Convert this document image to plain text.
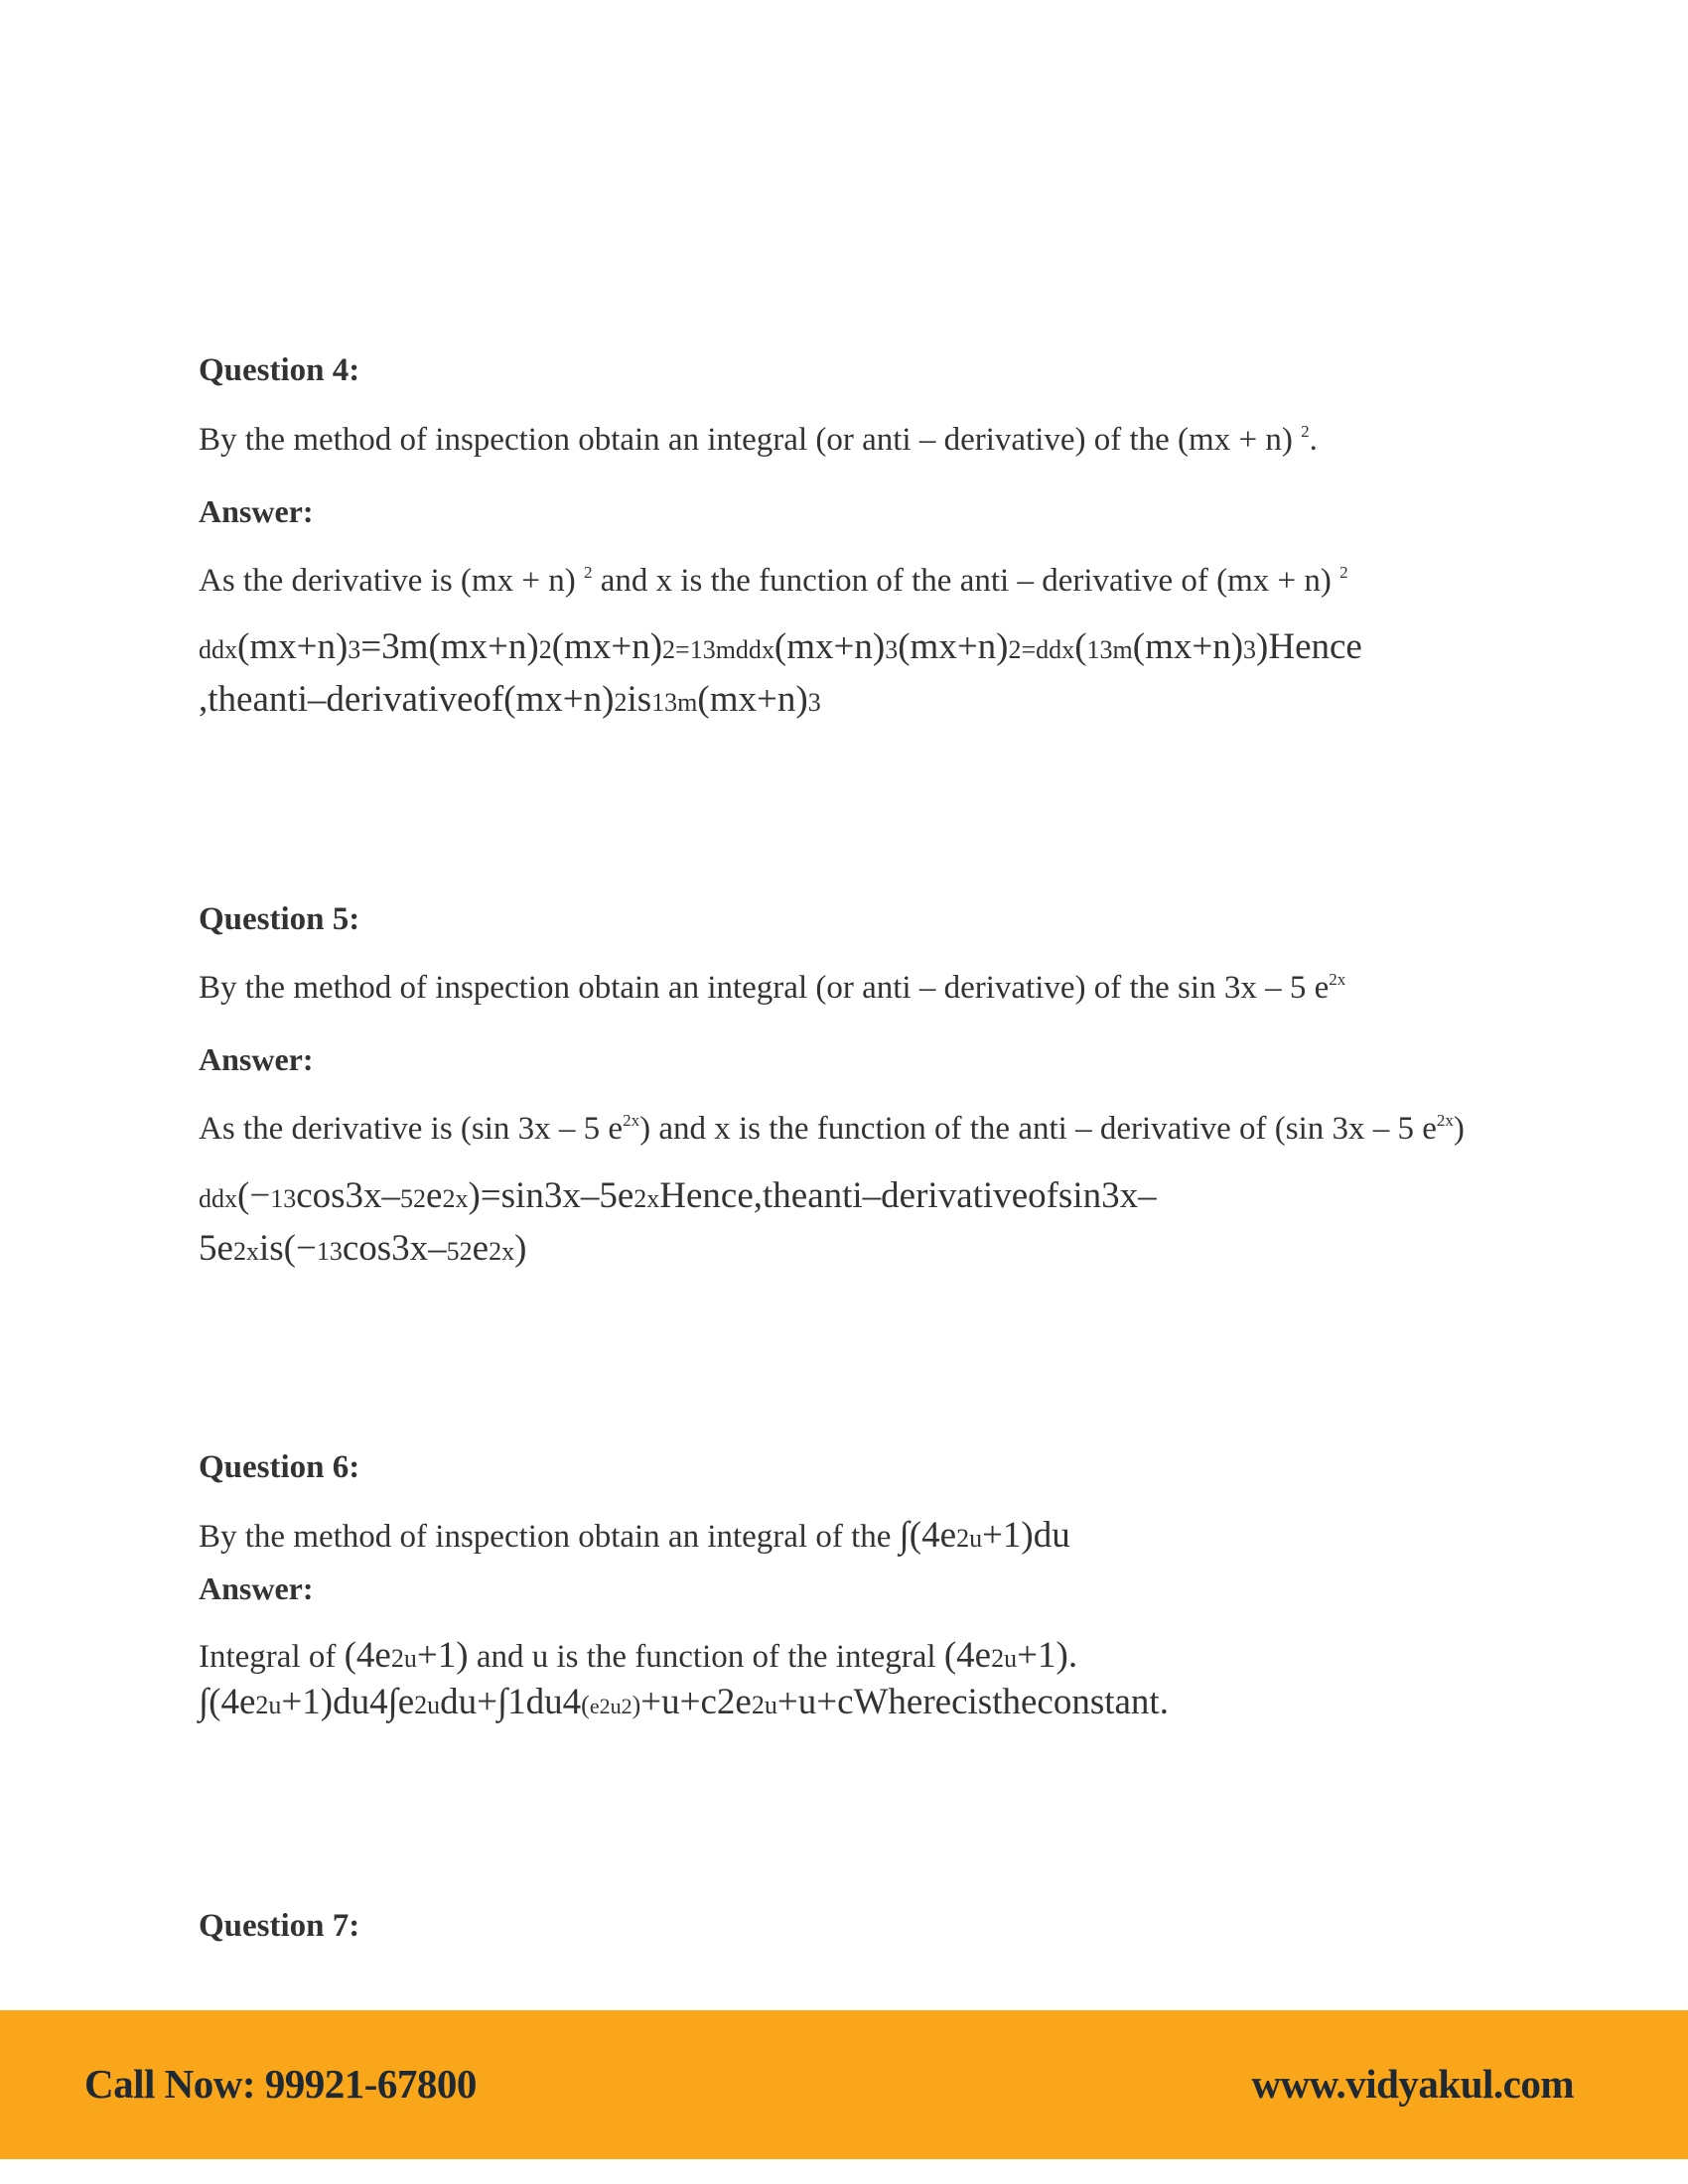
Question 4:
By the method of inspection obtain an integral (or anti – derivative) of the (mx + n) $^2$.
Answer:
As the derivative is (mx + n) $^2$ and x is the function of the anti – derivative of (mx + n) $^2$
ddx(mx+n)3=3m(mx+n)2(mx+n)2=13mddx(mx+n)3(mx+n)2=ddx(13m(mx+n)3)Hence
,theanti–derivativeof(mx+n)2is13m(mx+n)3
Question 5:
By the method of inspection obtain an integral (or anti – derivative) of the sin 3x – 5 $e^{2x}$
Answer:
As the derivative is (sin 3x – 5 $e^{2x}$) and x is the function of the anti – derivative of (sin 3x – 5 $e^{2x}$)
ddx(−13cos3x–52e2x)=sin3x–5e2xHence,theanti–derivativeofsin3x–
5e2xis(−13cos3x–52e2x)
Question 6:
By the method of inspection obtain an integral of the ∫(4e2u+1)du
Answer:
Integral of (4e2u+1) and u is the function of the integral (4e2u+1).
∫(4e2u+1)du4∫e2udu+∫1du4(e2u2)+u+c2e2u+u+cWherecistheconstant.
Question 7:
Call Now: 99921-67800	www.vidyakul.com
